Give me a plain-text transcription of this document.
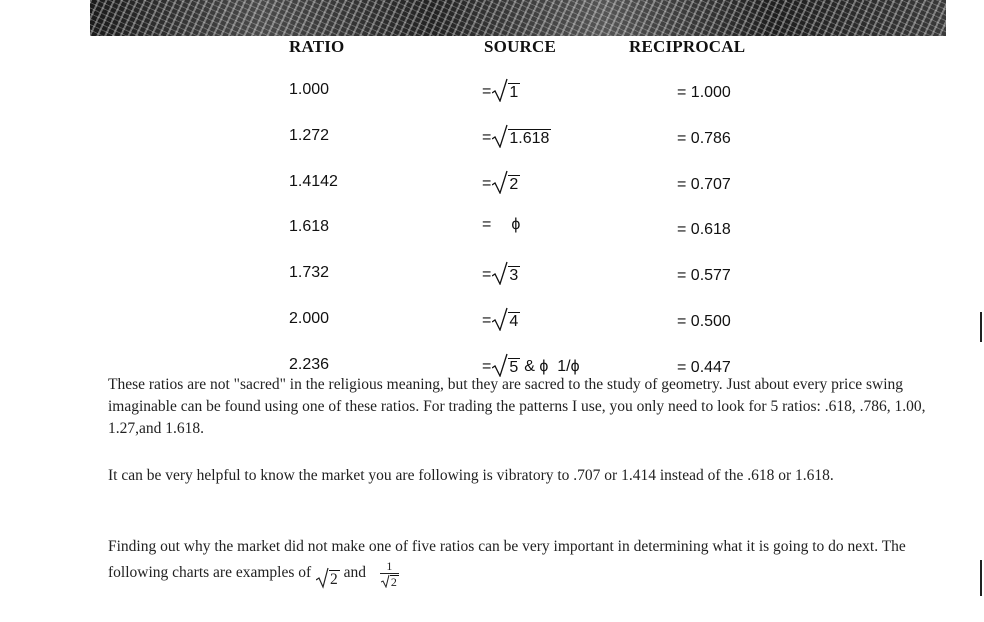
RATIO	SOURCE	RECIPROCAL
1.000	= 1	= 1.000
1.272	= 1.618	= 0.786
1.4142	= 2	= 0.707
1.618	= ϕ	= 0.618
1.732	= 3	= 0.577
2.000	= 4	= 0.500
2.236	= 5 & ϕ  1/ϕ	= 0.447
These ratios are not "sacred" in the religious meaning, but they are sacred to the study of geometry. Just about every price swing imaginable can be found using one of these ratios. For trading the patterns I use, you only need to look for 5 ratios: .618, .786, 1.00, 1.27,and 1.618.
It can be very helpful to know the market you are following is vibratory to .707 or 1.414 instead of the .618 or 1.618.
Finding out why the market did not make one of five ratios can be very important in determining what it is going to do next. The following charts are examples of 2 and $\frac{1}{2}$
